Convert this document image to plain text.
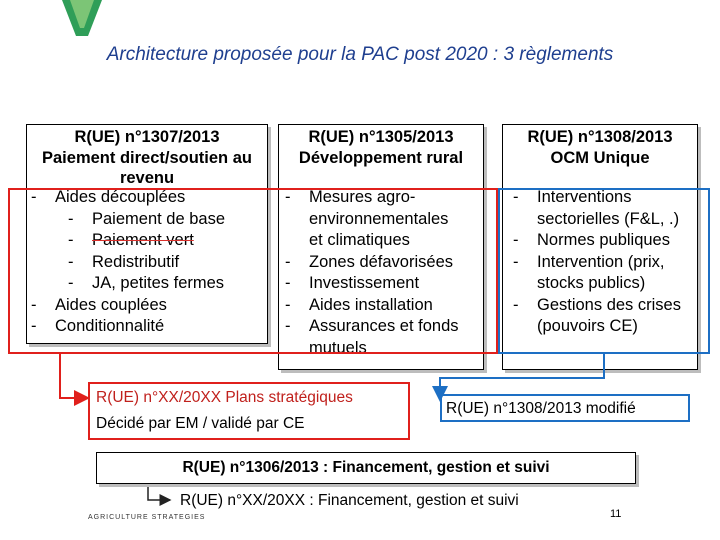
Architecture proposée pour la PAC post 2020 : 3 règlements
R(UE) n°1307/2013
Paiement direct/soutien au
revenu
- Aides découplées
- Paiement de base
- Paiement vert
- Redistributif
- JA, petites fermes
- Aides couplées
- Conditionnalité
R(UE) n°1305/2013
Développement rural
- Mesures agro-
environnementales
et climatiques
- Zones défavorisées
- Investissement
- Aides installation
- Assurances et fonds
mutuels
R(UE) n°1308/2013
OCM Unique
- Interventions
sectorielles (F&L, .)
- Normes publiques
- Intervention (prix,
stocks publics)
- Gestions des crises
(pouvoirs CE)
R(UE) n°XX/20XX Plans stratégiques
Décidé par EM / validé par CE
R(UE) n°1308/2013 modifié
R(UE) n°1306/2013 : Financement, gestion et suivi
R(UE) n°XX/20XX : Financement, gestion et suivi
AGRICULTURE STRATEGIES	11
